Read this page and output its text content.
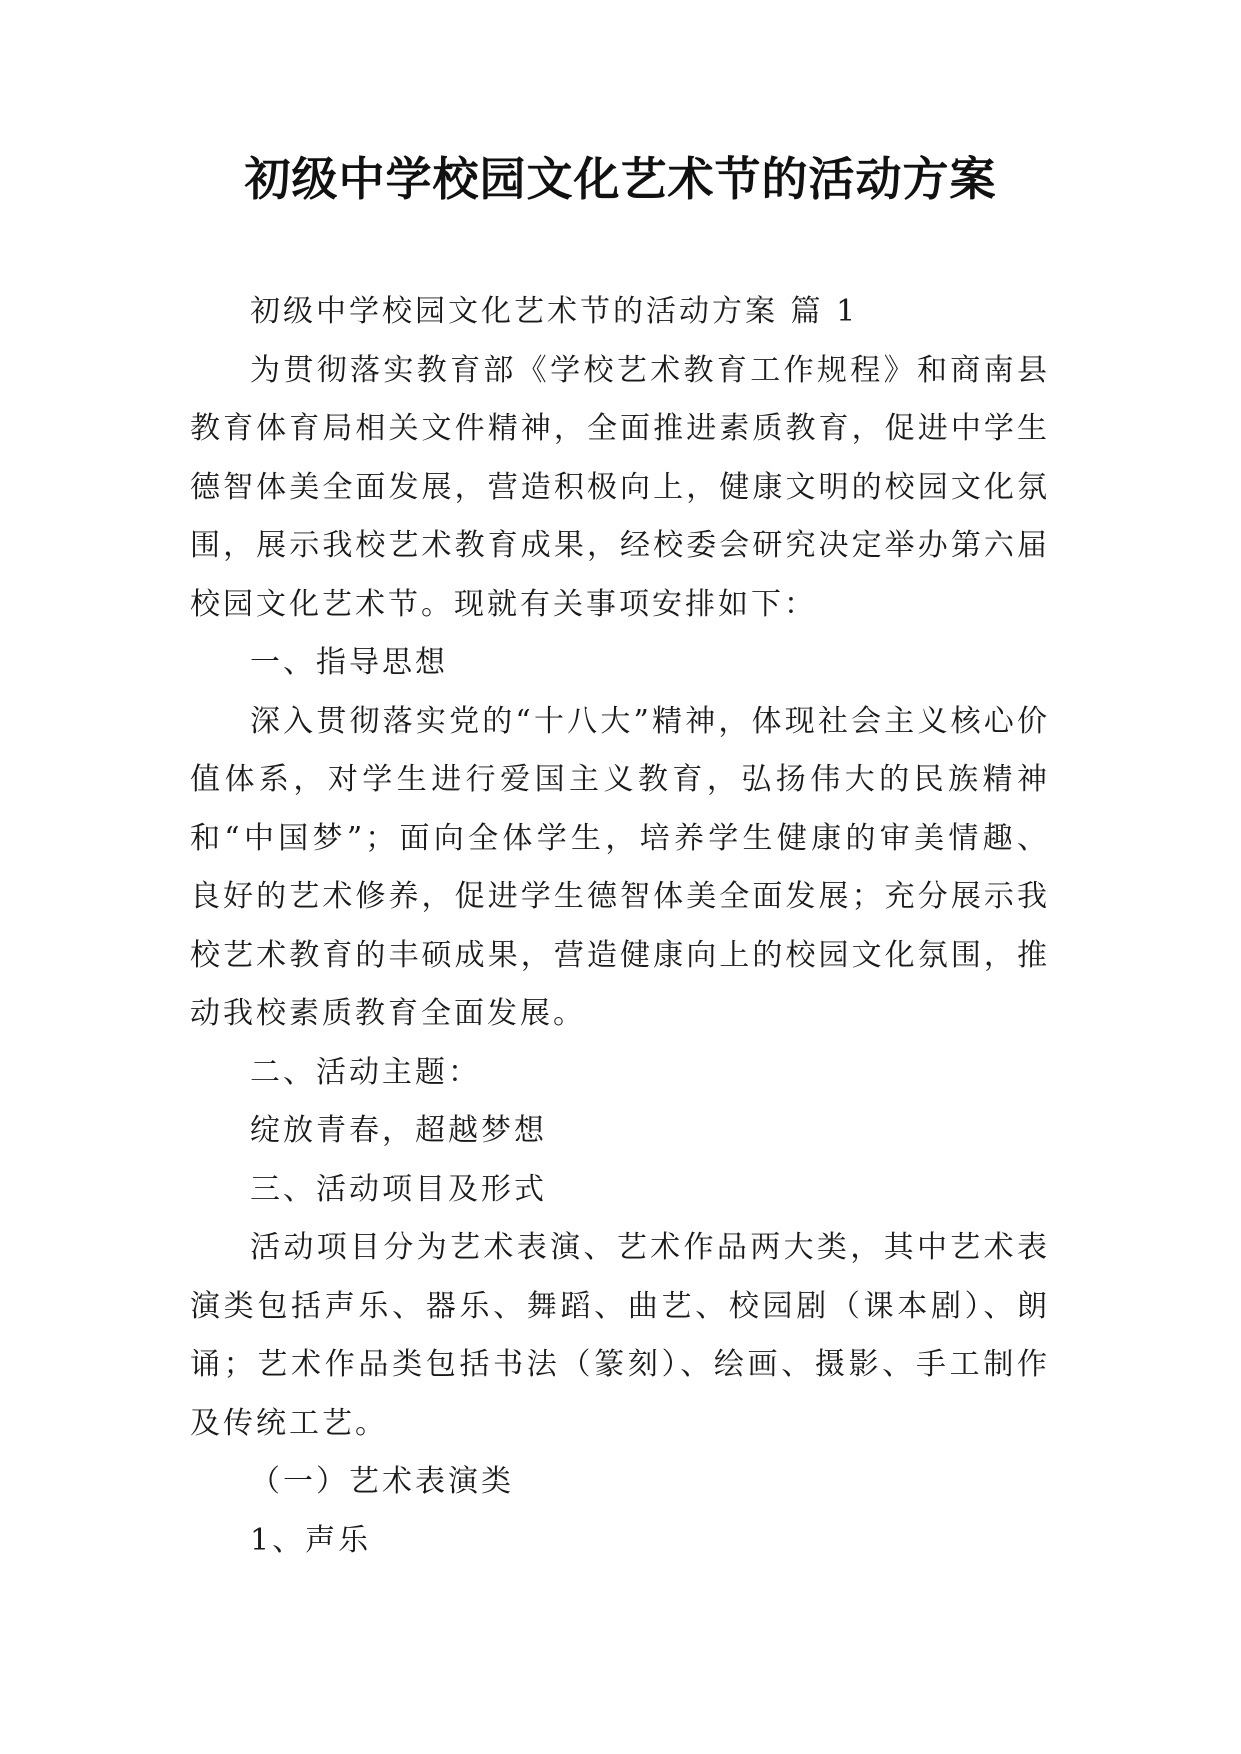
初级中学校园文化艺术节的活动方案

初级中学校园文化艺术节的活动方案 篇 1

为贯彻落实教育部《学校艺术教育工作规程》和商南县教育体育局相关文件精神，全面推进素质教育，促进中学生德智体美全面发展，营造积极向上，健康文明的校园文化氛围，展示我校艺术教育成果，经校委会研究决定举办第六届校园文化艺术节。现就有关事项安排如下：

一、指导思想

深入贯彻落实党的“十八大”精神，体现社会主义核心价值体系，对学生进行爱国主义教育，弘扬伟大的民族精神和“中国梦”；面向全体学生，培养学生健康的审美情趣、良好的艺术修养，促进学生德智体美全面发展；充分展示我校艺术教育的丰硕成果，营造健康向上的校园文化氛围，推动我校素质教育全面发展。

二、活动主题：

绽放青春，超越梦想

三、活动项目及形式

活动项目分为艺术表演、艺术作品两大类，其中艺术表演类包括声乐、器乐、舞蹈、曲艺、校园剧（课本剧）、朗诵；艺术作品类包括书法（篆刻）、绘画、摄影、手工制作及传统工艺。

（一）艺术表演类

1、声乐
